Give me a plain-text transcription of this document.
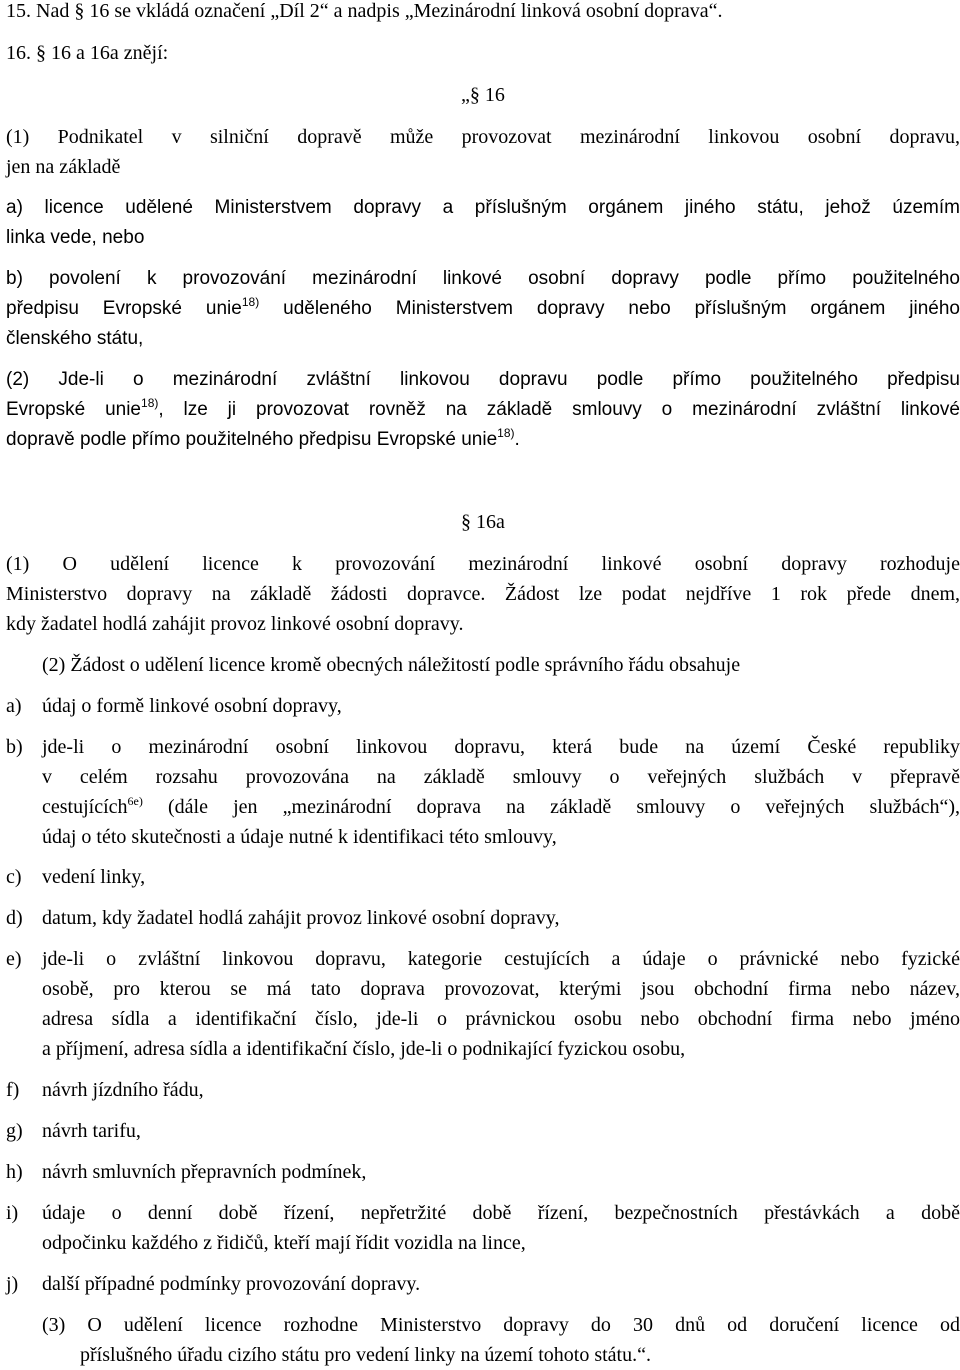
15. Nad § 16 se vkládá označení „Díl 2“ a nadpis „Mezinárodní linková osobní doprava“.
16. § 16 a 16a znějí:
„§ 16
(1) Podnikatel v silniční dopravě může provozovat mezinárodní linkovou osobní dopravu,
jen na základě
a) licence udělené Ministerstvem dopravy a příslušným orgánem jiného státu, jehož územím
linka vede, nebo
b) povolení k provozování mezinárodní linkové osobní dopravy podle přímo použitelného
předpisu Evropské unie$^{18)}$ uděleného Ministerstvem dopravy nebo příslušným orgánem jiného
členského státu,
(2) Jde-li o mezinárodní zvláštní linkovou dopravu podle přímo použitelného předpisu
Evropské unie$^{18)}$, lze ji provozovat rovněž na základě smlouvy o mezinárodní zvláštní linkové
dopravě podle přímo použitelného předpisu Evropské unie$^{18)}$.
§ 16a
(1) O udělení licence k provozování mezinárodní linkové osobní dopravy rozhoduje
Ministerstvo dopravy na základě žádosti dopravce. Žádost lze podat nejdříve 1 rok přede dnem,
kdy žadatel hodlá zahájit provoz linkové osobní dopravy.
(2) Žádost o udělení licence kromě obecných náležitostí podle správního řádu obsahuje
a) údaj o formě linkové osobní dopravy,
b) jde-li o mezinárodní osobní linkovou dopravu, která bude na území České republiky
v celém rozsahu provozována na základě smlouvy o veřejných službách v přepravě
cestujících$^{6e)}$ (dále jen „mezinárodní doprava na základě smlouvy o veřejných službách“),
údaj o této skutečnosti a údaje nutné k identifikaci této smlouvy,
c) vedení linky,
d) datum, kdy žadatel hodlá zahájit provoz linkové osobní dopravy,
e) jde-li o zvláštní linkovou dopravu, kategorie cestujících a údaje o právnické nebo fyzické
osobě, pro kterou se má tato doprava provozovat, kterými jsou obchodní firma nebo název,
adresa sídla a identifikační číslo, jde-li o právnickou osobu nebo obchodní firma nebo jméno
a příjmení, adresa sídla a identifikační číslo, jde-li o podnikající fyzickou osobu,
f) návrh jízdního řádu,
g) návrh tarifu,
h) návrh smluvních přepravních podmínek,
i) údaje o denní době řízení, nepřetržité době řízení, bezpečnostních přestávkách a době
odpočinku každého z řidičů, kteří mají řídit vozidla na lince,
j) další případné podmínky provozování dopravy.
(3) O udělení licence rozhodne Ministerstvo dopravy do 30 dnů od doručení licence od
příslušného úřadu cizího státu pro vedení linky na území tohoto státu.“.
